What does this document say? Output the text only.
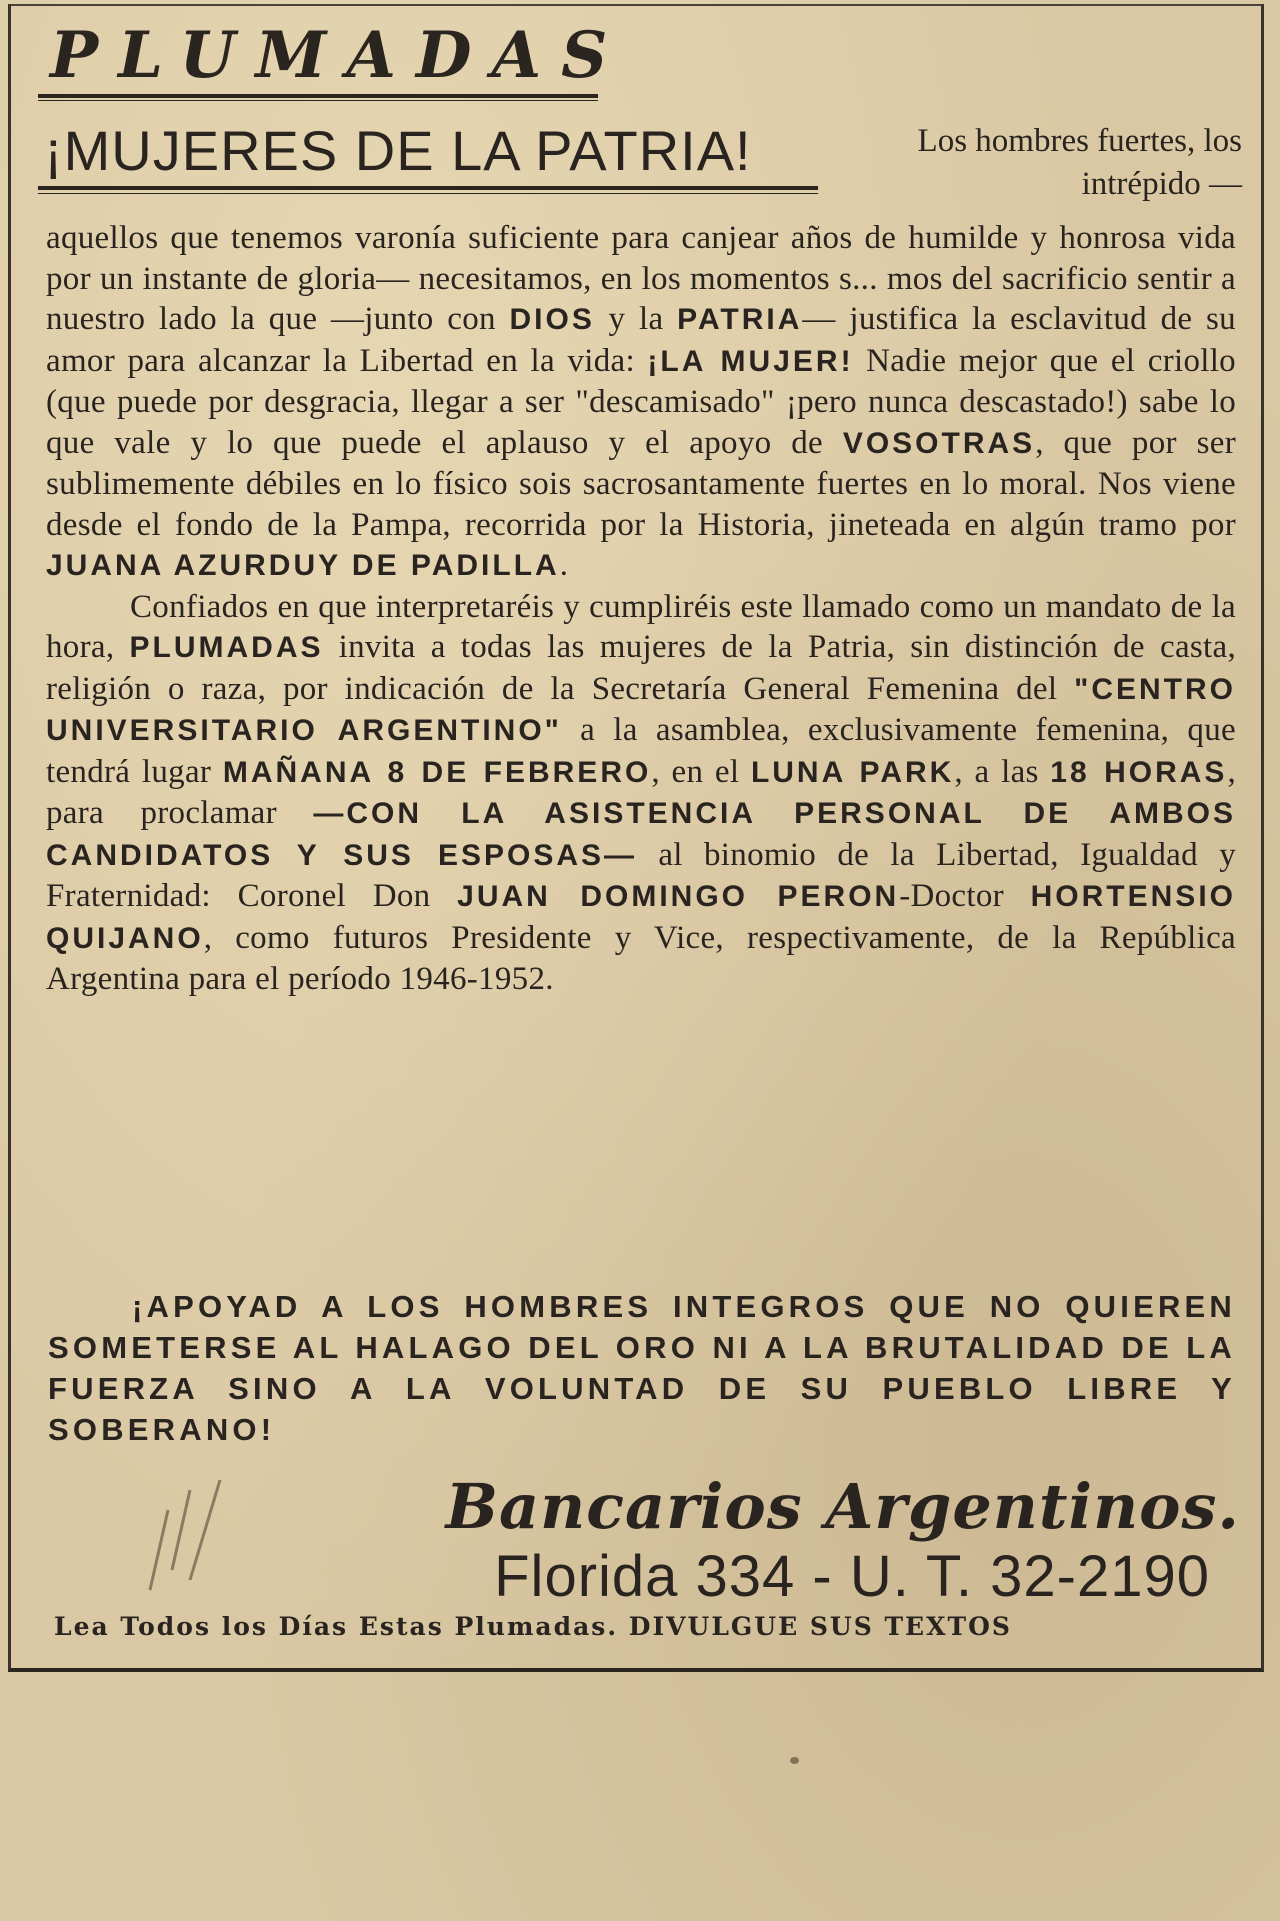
PLUMADAS
¡MUJERES DE LA PATRIA!	Los hombres fuertes, los intrépido —

aquellos que tenemos varonía suficiente para canjear años de humilde y honrosa vida por un instante de gloria— necesitamos, en los momentos s... mos del sacrificio sentir a nuestro lado la que —junto con DIOS y la PATRIA— justifica la esclavitud de su amor para alcanzar la Libertad en la vida: ¡LA MUJER! Nadie mejor que el criollo (que puede por desgracia, llegar a ser "descamisado" ¡pero nunca descastado!) sabe lo que vale y lo que puede el aplauso y el apoyo de VOSOTRAS, que por ser sublimemente débiles en lo físico sois sacrosantamente fuertes en lo moral. Nos viene desde el fondo de la Pampa, recorrida por la Historia, jineteada en algún tramo por JUANA AZURDUY DE PADILLA.

Confiados en que interpretaréis y cumpliréis este llamado como un mandato de la hora, PLUMADAS invita a todas las mujeres de la Patria, sin distinción de casta, religión o raza, por indicación de la Secretaría General Femenina del "CENTRO UNIVERSITARIO ARGENTINO" a la asamblea, exclusivamente femenina, que tendrá lugar MAÑANA 8 DE FEBRERO, en el LUNA PARK, a las 18 HORAS, para proclamar —CON LA ASISTENCIA PERSONAL DE AMBOS CANDIDATOS Y SUS ESPOSAS— al binomio de la Libertad, Igualdad y Fraternidad: Coronel Don JUAN DOMINGO PERON-Doctor HORTENSIO QUIJANO, como futuros Presidente y Vice, respectivamente, de la República Argentina para el período 1946-1952.

¡APOYAD A LOS HOMBRES INTEGROS QUE NO QUIEREN SOMETERSE AL HALAGO DEL ORO NI A LA BRUTALIDAD DE LA FUERZA SINO A LA VOLUNTAD DE SU PUEBLO LIBRE Y SOBERANO!
Bancarios Argentinos.
Florida 334 - U. T. 32-2190
Lea Todos los Días Estas Plumadas. DIVULGUE SUS TEXTOS
